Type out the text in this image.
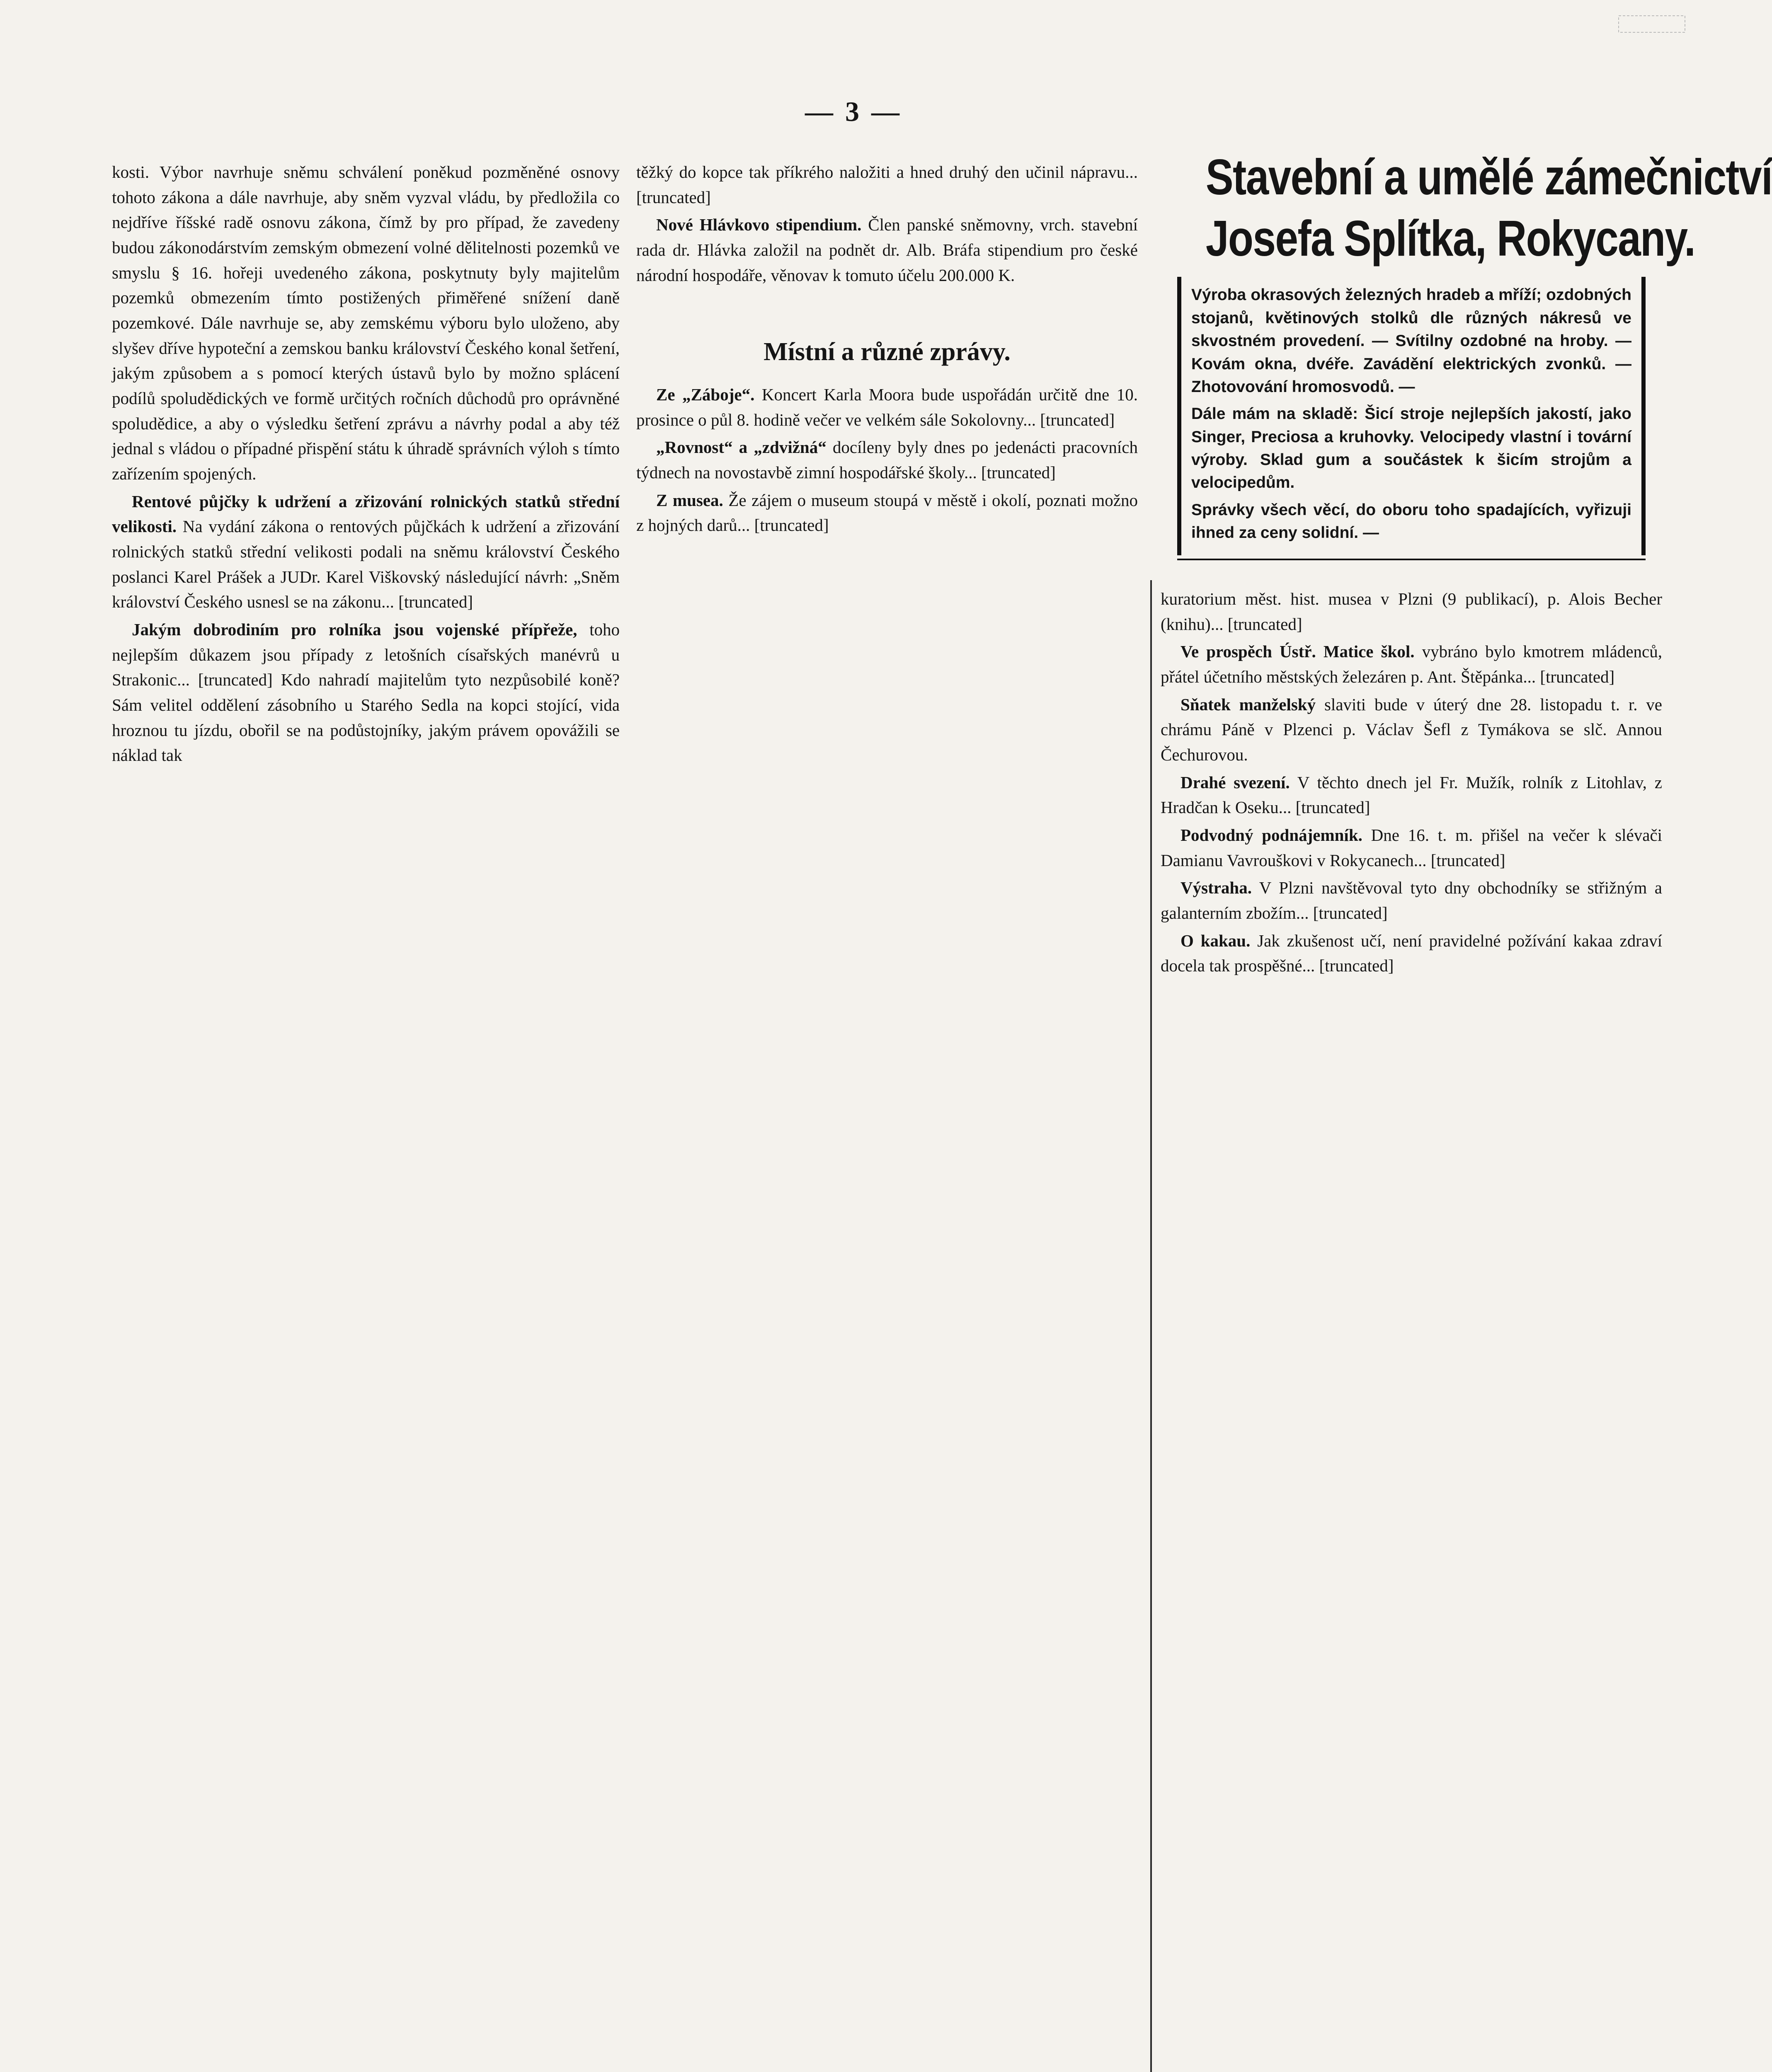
— 3 —

kosti. Výbor navrhuje sněmu schválení poněkud pozměněné osnovy tohoto zákona a dále navrhuje, aby sněm vyzval vládu, by předložila co nejdříve říšské radě osnovu zákona, čímž by pro případ, že zavedeny budou zákonodárstvím zemským obmezení volné dělitelnosti pozemků ve smyslu § 16. hořeji uvedeného zákona, poskytnuty byly majitelům pozemků obmezením tímto postižených přiměřené snížení daně pozemkové. Dále navrhuje se, aby zemskému výboru bylo uloženo, aby slyšev dříve hypoteční a zemskou banku království Českého konal šetření, jakým způsobem a s pomocí kterých ústavů bylo by možno splácení podílů spoludědických ve formě určitých ročních důchodů pro oprávněné spoludědice, a aby o výsledku šetření zprávu a návrhy podal a aby též jednal s vládou o případné přispění státu k úhradě správních výloh s tímto zařízením spojených.

Rentové půjčky k udržení a zřizování rolnických statků střední velikosti. Na vydání zákona o rentových půjčkách k udržení a zřizování rolnických statků střední velikosti podali na sněmu království Českého poslanci Karel Prášek a JUDr. Karel Viškovský následující návrh: „Sněm království Českého usnesl se na zákonu... [truncated]

Jakým dobrodiním pro rolníka jsou vojenské přípřeže, toho nejlepším důkazem jsou případy z letošních císařských manévrů u Strakonic... [truncated] Kdo nahradí majitelům tyto nezpůsobilé koně? Sám velitel oddělení zásobního u Starého Sedla na kopci stojící, vida hroznou tu jízdu, obořil se na podůstojníky, jakým právem opovážili se náklad tak

těžký do kopce tak příkrého naložiti a hned druhý den učinil nápravu... [truncated]

Nové Hlávkovo stipendium. Člen panské sněmovny, vrch. stavební rada dr. Hlávka založil na podnět dr. Alb. Bráfa stipendium pro české národní hospodáře, věnovav k tomuto účelu 200.000 K.

Místní a různé zprávy.

Ze „Záboje“. Koncert Karla Moora bude uspořádán určitě dne 10. prosince o půl 8. hodině večer ve velkém sále Sokolovny... [truncated]

„Rovnost“ a „zdvižná“ docíleny byly dnes po jedenácti pracovních týdnech na novostavbě zimní hospodářské školy... [truncated]

Z musea. Že zájem o museum stoupá v městě i okolí, poznati možno z hojných darů... [truncated]

Stavební a umělé zámečnictví
Josefa Splítka, Rokycany.

Výroba okrasových železných hradeb a mříží; ozdobných stojanů, květinových stolků dle různých nákresů ve skvostném provedení. — Svítilny ozdobné na hroby. — Kovám okna, dvéře. Zavádění elektrických zvonků. — Zhotovování hromosvodů. —

Dále mám na skladě: Šicí stroje nejlepších jakostí, jako Singer, Preciosa a kruhovky. Velocipedy vlastní i tovární výroby. Sklad gum a součástek k šicím strojům a velocipedům.

Správky všech věcí, do oboru toho spadajících, vyřizuji ihned za ceny solidní. —

kuratorium měst. hist. musea v Plzni (9 publikací), p. Alois Becher (knihu)... [truncated]

Ve prospěch Ústř. Matice škol. vybráno bylo kmotrem mládenců, přátel účetního městských železáren p. Ant. Štěpánka... [truncated]

Sňatek manželský slaviti bude v úterý dne 28. listopadu t. r. ve chrámu Páně v Plzenci p. Václav Šefl z Tymákova se slč. Annou Čechurovou.

Drahé svezení. V těchto dnech jel Fr. Mužík, rolník z Litohlav, z Hradčan k Oseku... [truncated]

Podvodný podnájemník. Dne 16. t. m. přišel na večer k slévači Damianu Vavrouškovi v Rokycanech... [truncated]

Výstraha. V Plzni navštěvoval tyto dny obchodníky se střižným a galanterním zbožím... [truncated]

O kakau. Jak zkušenost učí, není pravidelné požívání kakaa zdraví docela tak prospěšné... [truncated]
